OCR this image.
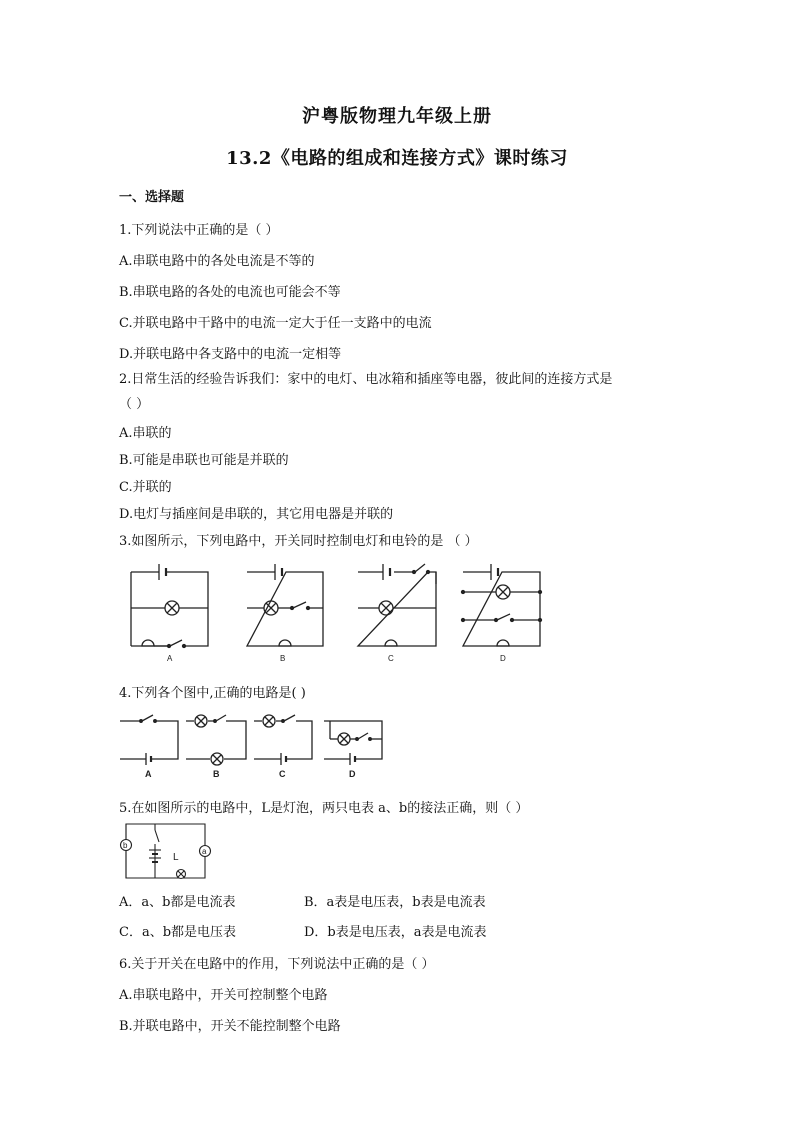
沪粤版物理九年级上册
13.2《电路的组成和连接方式》课时练习
一、选择题
1.下列说法中正确的是（ ）
A.串联电路中的各处电流是不等的
B.串联电路的各处的电流也可能会不等
C.并联电路中干路中的电流一定大于任一支路中的电流
D.并联电路中各支路中的电流一定相等
2.日常生活的经验告诉我们：家中的电灯、电冰箱和插座等电器，彼此间的连接方式是
（ ）
A.串联的
B.可能是串联也可能是并联的
C.并联的
D.电灯与插座间是串联的，其它用电器是并联的
3.如图所示，下列电路中，开关同时控制电灯和电铃的是 （ ）
A	B	C	D
4.下列各个图中,正确的电路是( )
A	B	C	D
5.在如图所示的电路中，L是灯泡，两只电表 a、b的接法正确，则（ ）
b
a
L
A．a、b都是电流表	B．a表是电压表，b表是电流表
C．a、b都是电压表	D．b表是电压表，a表是电流表
6.关于开关在电路中的作用，下列说法中正确的是（ ）
A.串联电路中，开关可控制整个电路
B.并联电路中，开关不能控制整个电路
